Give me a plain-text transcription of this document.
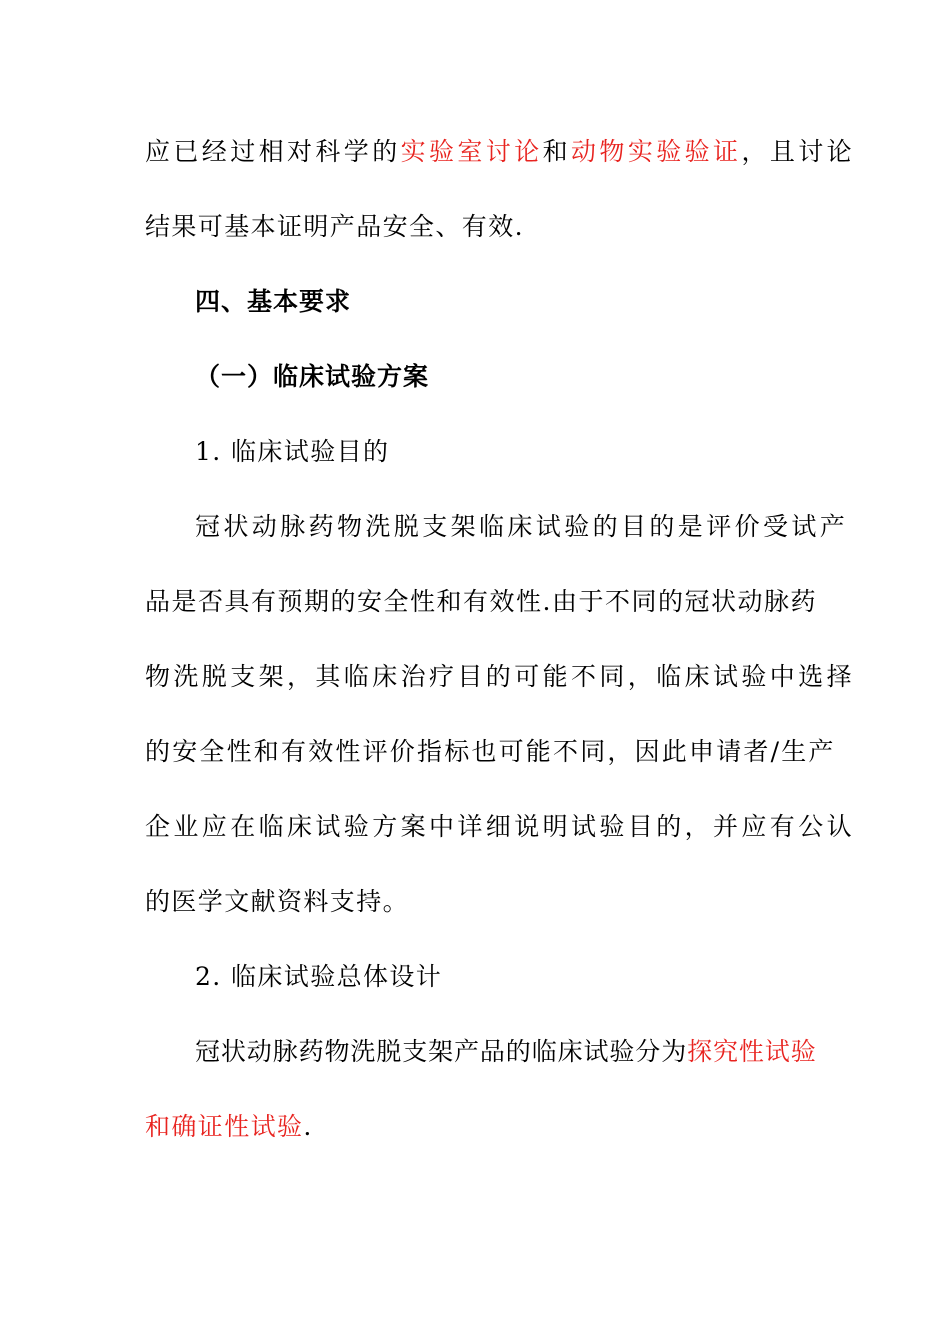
应已经过相对科学的实验室讨论和动物实验验证，且讨论
结果可基本证明产品安全、有效.
四、基本要求
（一）临床试验方案
1. 临床试验目的
冠状动脉药物洗脱支架临床试验的目的是评价受试产
品是否具有预期的安全性和有效性.由于不同的冠状动脉药
物洗脱支架，其临床治疗目的可能不同，临床试验中选择
的安全性和有效性评价指标也可能不同，因此申请者/生产
企业应在临床试验方案中详细说明试验目的，并应有公认
的医学文献资料支持。
2. 临床试验总体设计
冠状动脉药物洗脱支架产品的临床试验分为探究性试验
和确证性试验.
